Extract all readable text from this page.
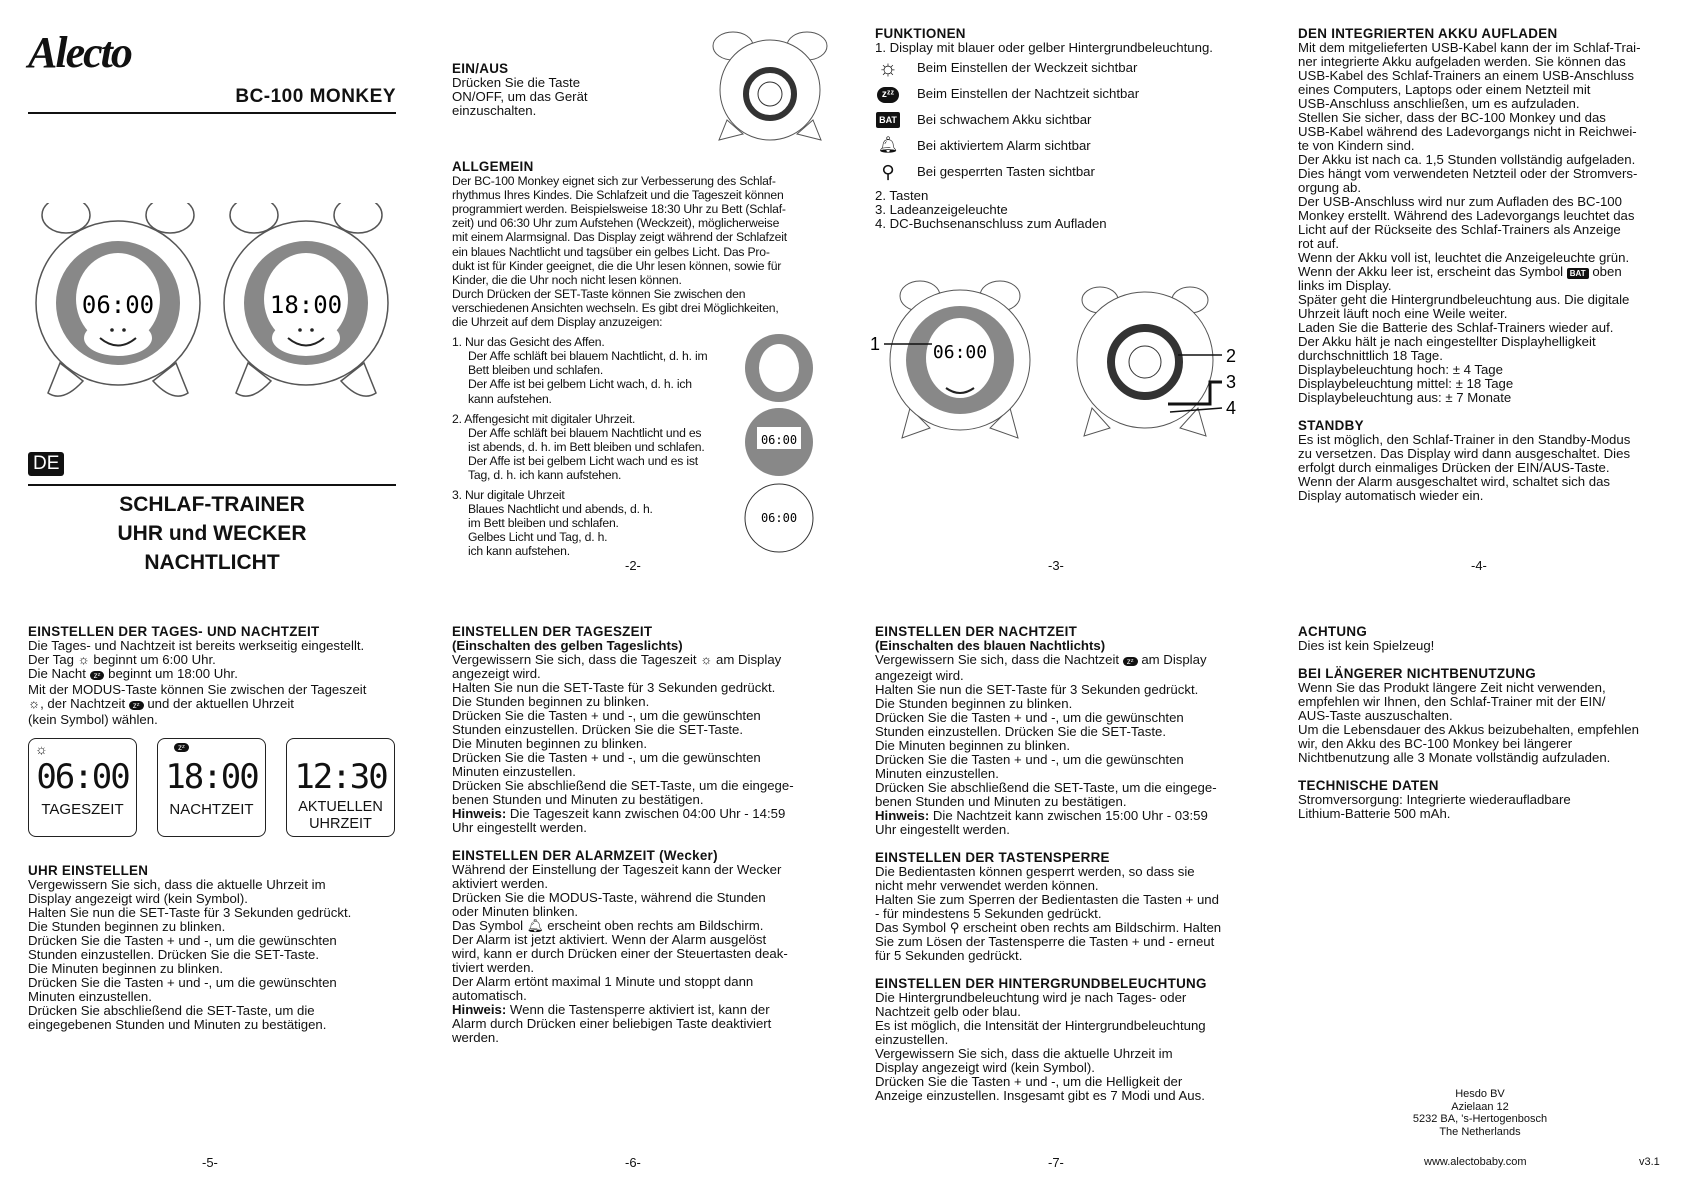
Alecto
BC-100 MONKEY
06:00	18:00
DE
SCHLAF-TRAINER
UHR und WECKER
NACHTLICHT

EIN/AUS

Drücken Sie die Taste

ON/OFF, um das Gerät

einzuschalten.

ALLGEMEIN

Der BC-100 Monkey eignet sich zur Verbesserung des Schlaf-

rhythmus Ihres Kindes. Die Schlafzeit und die Tageszeit können

programmiert werden. Beispielsweise 18:30 Uhr zu Bett (Schlaf-

zeit) und 06:30 Uhr zum Aufstehen (Weckzeit), möglicherweise

mit einem Alarmsignal. Das Display zeigt während der Schlafzeit

ein blaues Nachtlicht und tagsüber ein gelbes Licht. Das Pro-

dukt ist für Kinder geeignet, die die Uhr lesen können, sowie für

Kinder, die die Uhr noch nicht lesen können.

Durch Drücken der SET-Taste können Sie zwischen den

verschiedenen Ansichten wechseln. Es gibt drei Möglichkeiten,

die Uhrzeit auf dem Display anzuzeigen:

1. Nur das Gesicht des Affen.

Der Affe schläft bei blauem Nachtlicht, d. h. im

Bett bleiben und schlafen.

Der Affe ist bei gelbem Licht wach, d. h. ich

kann aufstehen.

2. Affengesicht mit digitaler Uhrzeit.

Der Affe schläft bei blauem Nachtlicht und es

ist abends, d. h. im Bett bleiben und schlafen.

Der Affe ist bei gelbem Licht wach und es ist

Tag, d. h. ich kann aufstehen.

3. Nur digitale Uhrzeit

Blaues Nachtlicht und abends, d. h.

im Bett bleiben und schlafen.

Gelbes Licht und Tag, d. h.

ich kann aufstehen.

06:00
06:00
-2-

FUNKTIONEN

1. Display mit blauer oder gelber Hintergrundbeleuchtung.

☼ Beim Einstellen der Weckzeit sichtbar
zᶻᶻ	Beim Einstellen der Nachtzeit sichtbar
BAT	Bei schwachem Akku sichtbar
🔔︎ Bei aktiviertem Alarm sichtbar
⚲	Bei gesperrten Tasten sichtbar

2. Tasten

3. Ladeanzeigeleuchte

4. DC-Buchsenanschluss zum Aufladen

06:00
1
2
3
4
-3-

DEN INTEGRIERTEN AKKU AUFLADEN

Mit dem mitgelieferten USB-Kabel kann der im Schlaf-Trai-

ner integrierte Akku aufgeladen werden. Sie können das

USB-Kabel des Schlaf-Trainers an einem USB-Anschluss

eines Computers, Laptops oder einem Netzteil mit

USB-Anschluss anschließen, um es aufzuladen.

Stellen Sie sicher, dass der BC-100 Monkey und das

USB-Kabel während des Ladevorgangs nicht in Reichwei-

te von Kindern sind.

Der Akku ist nach ca. 1,5 Stunden vollständig aufgeladen.

Dies hängt vom verwendeten Netzteil oder der Stromvers-

orgung ab.

Der USB-Anschluss wird nur zum Aufladen des BC-100

Monkey erstellt. Während des Ladevorgangs leuchtet das

Licht auf der Rückseite des Schlaf-Trainers als Anzeige

rot auf.

Wenn der Akku voll ist, leuchtet die Anzeigeleuchte grün.

Wenn der Akku leer ist, erscheint das Symbol BAT oben

links im Display.

Später geht die Hintergrundbeleuchtung aus. Die digitale

Uhrzeit läuft noch eine Weile weiter.

Laden Sie die Batterie des Schlaf-Trainers wieder auf.

Der Akku hält je nach eingestellter Displayhelligkeit

durchschnittlich 18 Tage.

Displaybeleuchtung hoch: ± 4 Tage

Displaybeleuchtung mittel: ± 18 Tage

Displaybeleuchtung aus: ± 7 Monate

STANDBY

Es ist möglich, den Schlaf-Trainer in den Standby-Modus

zu versetzen. Das Display wird dann ausgeschaltet. Dies

erfolgt durch einmaliges Drücken der EIN/AUS-Taste.

Wenn der Alarm ausgeschaltet wird, schaltet sich das

Display automatisch wieder ein.

-4-

EINSTELLEN DER TAGES- UND NACHTZEIT

Die Tages- und Nachtzeit ist bereits werkseitig eingestellt.

Der Tag ☼ beginnt um 6:00 Uhr.

Die Nacht zᶻ beginnt um 18:00 Uhr.

Mit der MODUS-Taste können Sie zwischen der Tageszeit

☼, der Nachtzeit zᶻ und der aktuellen Uhrzeit

(kein Symbol) wählen.

☼
06:00
TAGESZEIT
zᶻ
18:00
NACHTZEIT
12:30
AKTUELLEN UHRZEIT

UHR EINSTELLEN

Vergewissern Sie sich, dass die aktuelle Uhrzeit im

Display angezeigt wird (kein Symbol).

Halten Sie nun die SET-Taste für 3 Sekunden gedrückt.

Die Stunden beginnen zu blinken.

Drücken Sie die Tasten + und -, um die gewünschten

Stunden einzustellen. Drücken Sie die SET-Taste.

Die Minuten beginnen zu blinken.

Drücken Sie die Tasten + und -, um die gewünschten

Minuten einzustellen.

Drücken Sie abschließend die SET-Taste, um die

eingegebenen Stunden und Minuten zu bestätigen.

-5-

EINSTELLEN DER TAGESZEIT

(Einschalten des gelben Tageslichts)

Vergewissern Sie sich, dass die Tageszeit ☼ am Display

angezeigt wird.

Halten Sie nun die SET-Taste für 3 Sekunden gedrückt.

Die Stunden beginnen zu blinken.

Drücken Sie die Tasten + und -, um die gewünschten

Stunden einzustellen. Drücken Sie die SET-Taste.

Die Minuten beginnen zu blinken.

Drücken Sie die Tasten + und -, um die gewünschten

Minuten einzustellen.

Drücken Sie abschließend die SET-Taste, um die eingege-

benen Stunden und Minuten zu bestätigen.

Hinweis: Die Tageszeit kann zwischen 04:00 Uhr - 14:59

Uhr eingestellt werden.

EINSTELLEN DER ALARMZEIT (Wecker)

Während der Einstellung der Tageszeit kann der Wecker

aktiviert werden.

Drücken Sie die MODUS-Taste, während die Stunden

oder Minuten blinken.

Das Symbol 🔔︎ erscheint oben rechts am Bildschirm.

Der Alarm ist jetzt aktiviert. Wenn der Alarm ausgelöst

wird, kann er durch Drücken einer der Steuertasten deak-

tiviert werden.

Der Alarm ertönt maximal 1 Minute und stoppt dann

automatisch.

Hinweis: Wenn die Tastensperre aktiviert ist, kann der

Alarm durch Drücken einer beliebigen Taste deaktiviert

werden.

-6-

EINSTELLEN DER NACHTZEIT

(Einschalten des blauen Nachtlichts)

Vergewissern Sie sich, dass die Nachtzeit zᶻ am Display

angezeigt wird.

Halten Sie nun die SET-Taste für 3 Sekunden gedrückt.

Die Stunden beginnen zu blinken.

Drücken Sie die Tasten + und -, um die gewünschten

Stunden einzustellen. Drücken Sie die SET-Taste.

Die Minuten beginnen zu blinken.

Drücken Sie die Tasten + und -, um die gewünschten

Minuten einzustellen.

Drücken Sie abschließend die SET-Taste, um die eingege-

benen Stunden und Minuten zu bestätigen.

Hinweis: Die Nachtzeit kann zwischen 15:00 Uhr - 03:59

Uhr eingestellt werden.

EINSTELLEN DER TASTENSPERRE

Die Bedientasten können gesperrt werden, so dass sie

nicht mehr verwendet werden können.

Halten Sie zum Sperren der Bedientasten die Tasten + und

- für mindestens 5 Sekunden gedrückt.

Das Symbol ⚲ erscheint oben rechts am Bildschirm. Halten

Sie zum Lösen der Tastensperre die Tasten + und - erneut

für 5 Sekunden gedrückt.

EINSTELLEN DER HINTERGRUNDBELEUCHTUNG

Die Hintergrundbeleuchtung wird je nach Tages- oder

Nachtzeit gelb oder blau.

Es ist möglich, die Intensität der Hintergrundbeleuchtung

einzustellen.

Vergewissern Sie sich, dass die aktuelle Uhrzeit im

Display angezeigt wird (kein Symbol).

Drücken Sie die Tasten + und -, um die Helligkeit der

Anzeige einzustellen. Insgesamt gibt es 7 Modi und Aus.

-7-

ACHTUNG

Dies ist kein Spielzeug!

BEI LÄNGERER NICHTBENUTZUNG

Wenn Sie das Produkt längere Zeit nicht verwenden,

empfehlen wir Ihnen, den Schlaf-Trainer mit der EIN/

AUS-Taste auszuschalten.

Um die Lebensdauer des Akkus beizubehalten, empfehlen

wir, den Akku des BC-100 Monkey bei längerer

Nichtbenutzung alle 3 Monate vollständig aufzuladen.

TECHNISCHE DATEN

Stromversorgung: Integrierte wiederaufladbare

Lithium-Batterie 500 mAh.

Hesdo BV
Azielaan 12
5232 BA, 's-Hertogenbosch
The Netherlands
www.alectobaby.com	v3.1
